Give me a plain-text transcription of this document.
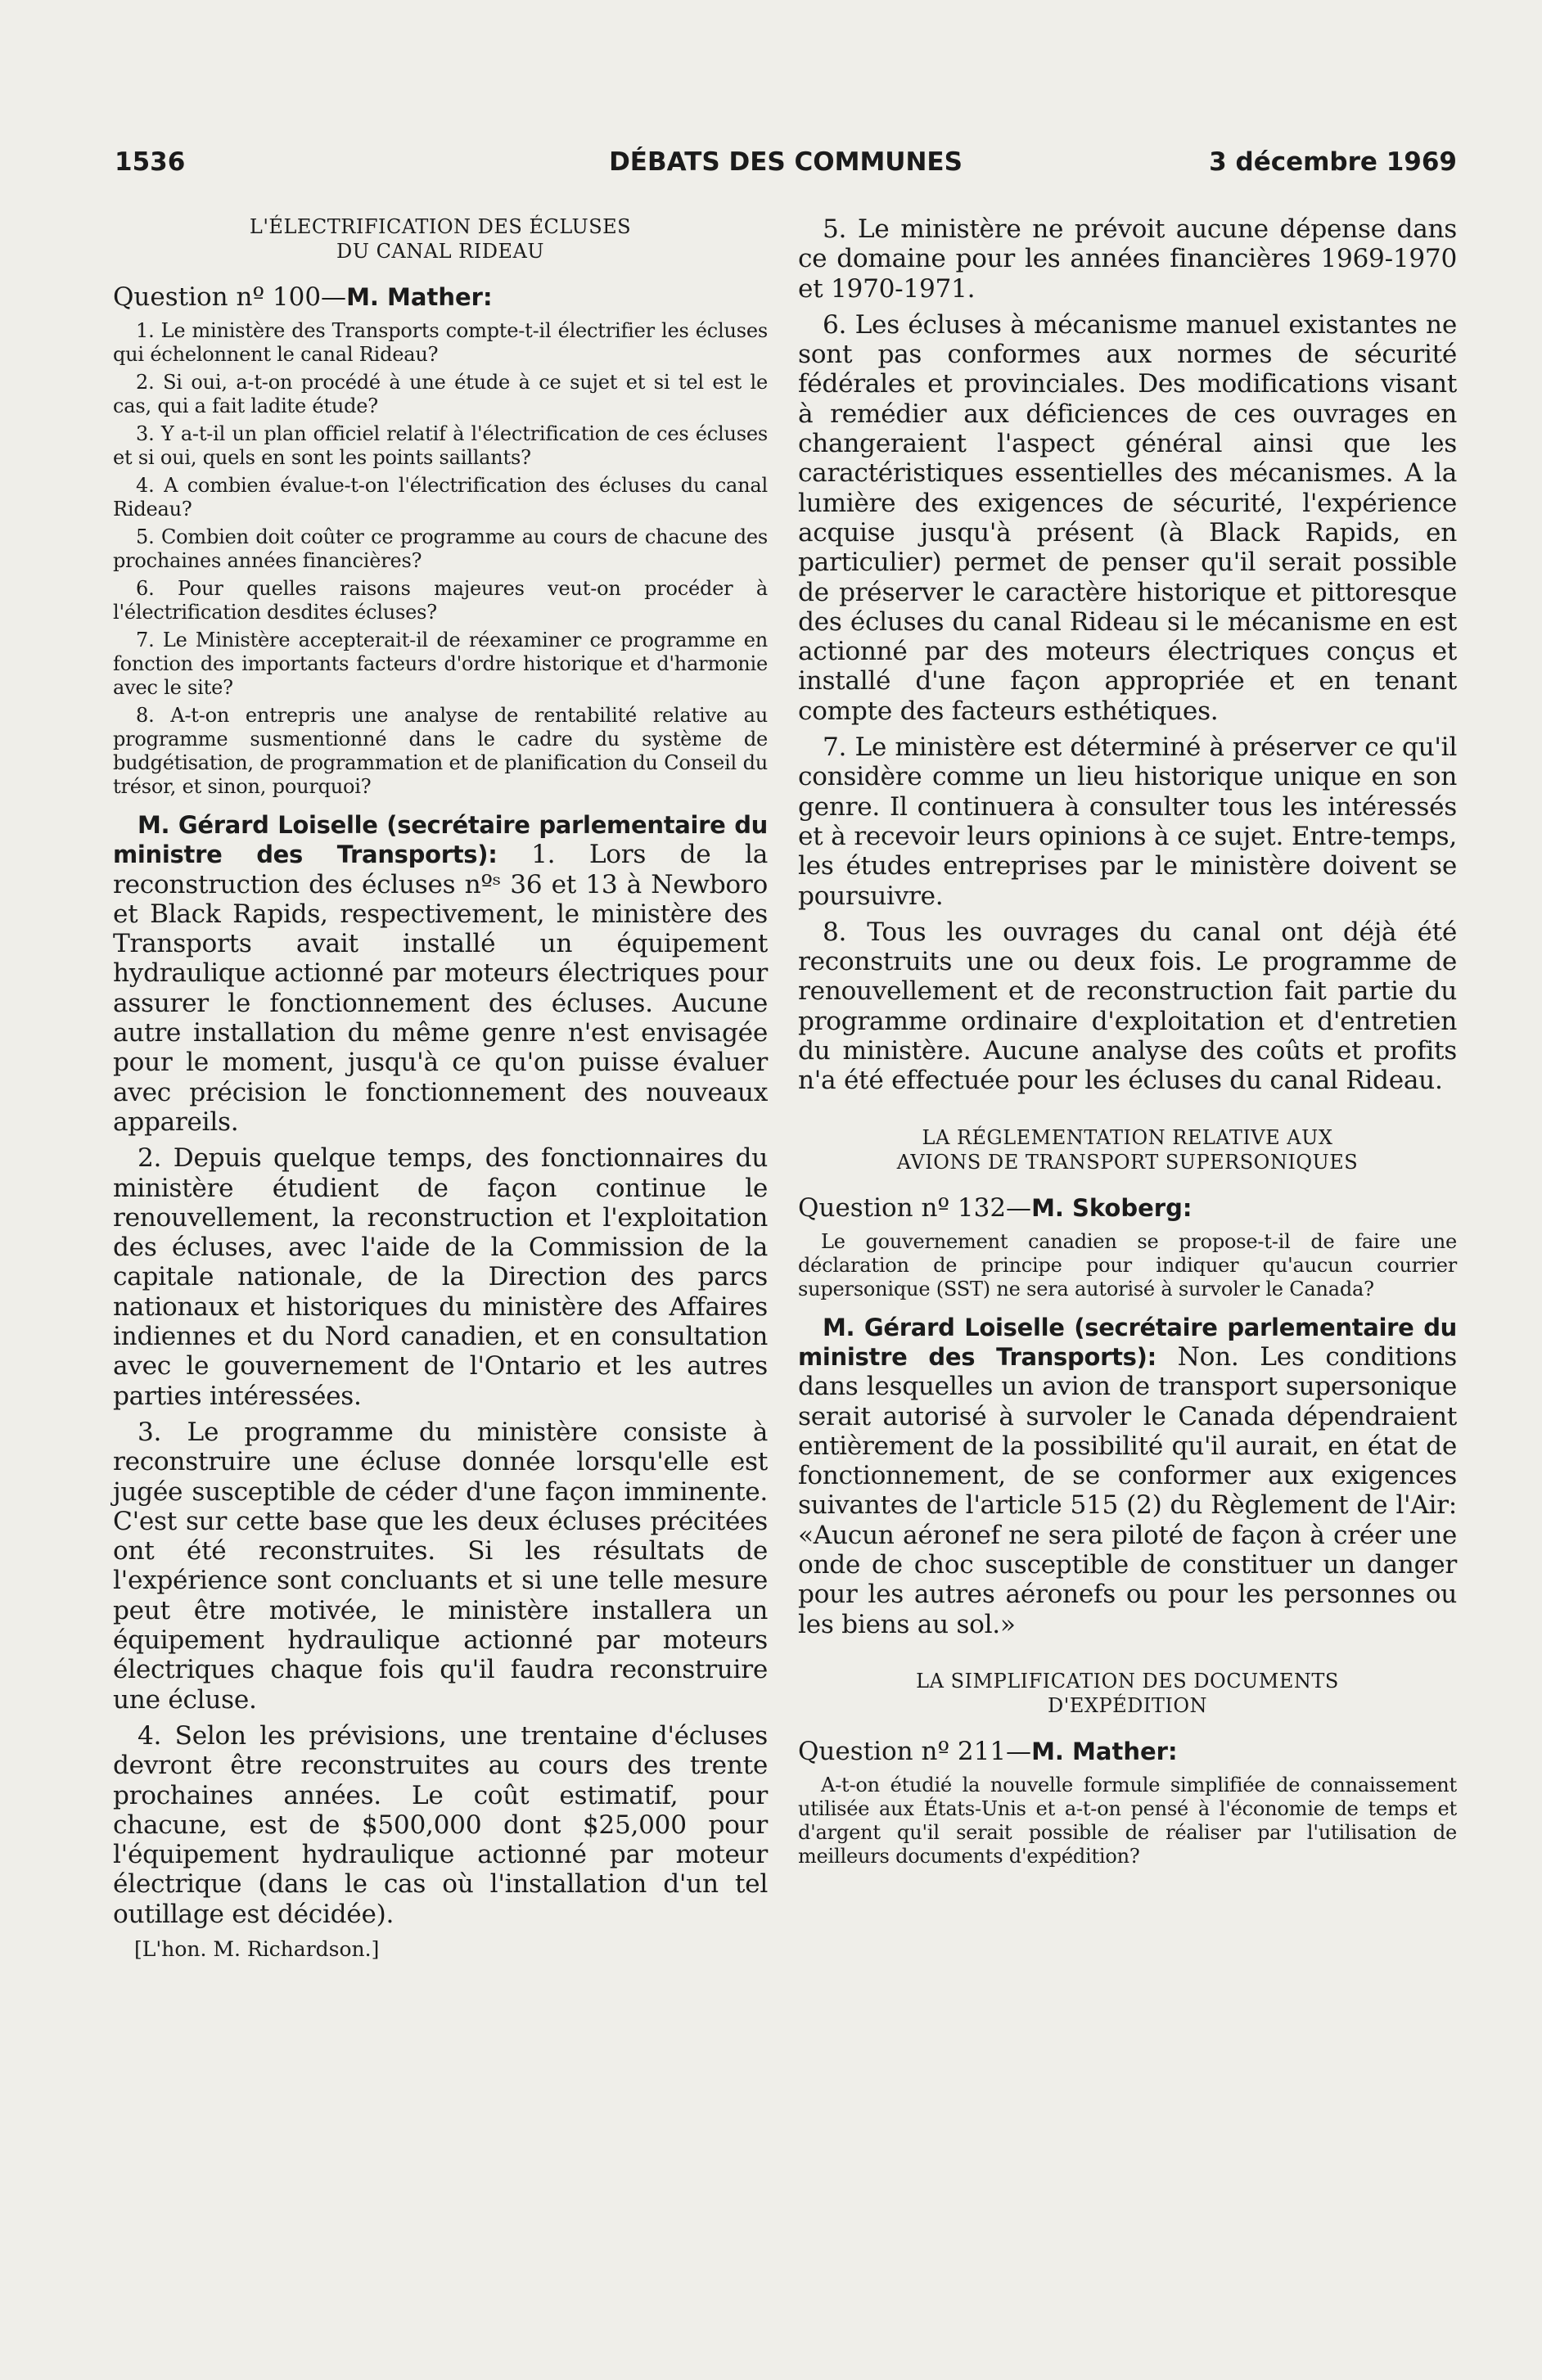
1536	DÉBATS DES COMMUNES	3 décembre 1969
L'ÉLECTRIFICATION DES ÉCLUSES
DU CANAL RIDEAU
Question nº 100—M. Mather:

1. Le ministère des Transports compte-t-il électrifier les écluses qui échelonnent le canal Rideau?

2. Si oui, a-t-on procédé à une étude à ce sujet et si tel est le cas, qui a fait ladite étude?

3. Y a-t-il un plan officiel relatif à l'électrification de ces écluses et si oui, quels en sont les points saillants?

4. A combien évalue-t-on l'électrification des écluses du canal Rideau?

5. Combien doit coûter ce programme au cours de chacune des prochaines années financières?

6. Pour quelles raisons majeures veut-on procéder à l'électrification desdites écluses?

7. Le Ministère accepterait-il de réexaminer ce programme en fonction des importants facteurs d'ordre historique et d'harmonie avec le site?

8. A-t-on entrepris une analyse de rentabilité relative au programme susmentionné dans le cadre du système de budgétisation, de programmation et de planification du Conseil du trésor, et sinon, pourquoi?

M. Gérard Loiselle (secrétaire parlementaire du ministre des Transports): 1. Lors de la reconstruction des écluses nºˢ 36 et 13 à Newboro et Black Rapids, respectivement, le ministère des Transports avait installé un équipement hydraulique actionné par moteurs électriques pour assurer le fonctionnement des écluses. Aucune autre installation du même genre n'est envisagée pour le moment, jusqu'à ce qu'on puisse évaluer avec précision le fonctionnement des nouveaux appareils.

2. Depuis quelque temps, des fonctionnaires du ministère étudient de façon continue le renouvellement, la reconstruction et l'exploitation des écluses, avec l'aide de la Commission de la capitale nationale, de la Direction des parcs nationaux et historiques du ministère des Affaires indiennes et du Nord canadien, et en consultation avec le gouvernement de l'Ontario et les autres parties intéressées.

3. Le programme du ministère consiste à reconstruire une écluse donnée lorsqu'elle est jugée susceptible de céder d'une façon imminente. C'est sur cette base que les deux écluses précitées ont été reconstruites. Si les résultats de l'expérience sont concluants et si une telle mesure peut être motivée, le ministère installera un équipement hydraulique actionné par moteurs électriques chaque fois qu'il faudra reconstruire une écluse.

4. Selon les prévisions, une trentaine d'écluses devront être reconstruites au cours des trente prochaines années. Le coût estimatif, pour chacune, est de $500,000 dont $25,000 pour l'équipement hydraulique actionné par moteur électrique (dans le cas où l'installation d'un tel outillage est décidée).

[L'hon. M. Richardson.]

5. Le ministère ne prévoit aucune dépense dans ce domaine pour les années financières 1969-1970 et 1970-1971.

6. Les écluses à mécanisme manuel existantes ne sont pas conformes aux normes de sécurité fédérales et provinciales. Des modifications visant à remédier aux déficiences de ces ouvrages en changeraient l'aspect général ainsi que les caractéristiques essentielles des mécanismes. A la lumière des exigences de sécurité, l'expérience acquise jusqu'à présent (à Black Rapids, en particulier) permet de penser qu'il serait possible de préserver le caractère historique et pittoresque des écluses du canal Rideau si le mécanisme en est actionné par des moteurs électriques conçus et installé d'une façon appropriée et en tenant compte des facteurs esthétiques.

7. Le ministère est déterminé à préserver ce qu'il considère comme un lieu historique unique en son genre. Il continuera à consulter tous les intéressés et à recevoir leurs opinions à ce sujet. Entre-temps, les études entreprises par le ministère doivent se poursuivre.

8. Tous les ouvrages du canal ont déjà été reconstruits une ou deux fois. Le programme de renouvellement et de reconstruction fait partie du programme ordinaire d'exploitation et d'entretien du ministère. Aucune analyse des coûts et profits n'a été effectuée pour les écluses du canal Rideau.

LA RÉGLEMENTATION RELATIVE AUX
AVIONS DE TRANSPORT SUPERSONIQUES
Question nº 132—M. Skoberg:

Le gouvernement canadien se propose-t-il de faire une déclaration de principe pour indiquer qu'aucun courrier supersonique (SST) ne sera autorisé à survoler le Canada?

M. Gérard Loiselle (secrétaire parlementaire du ministre des Transports): Non. Les conditions dans lesquelles un avion de transport supersonique serait autorisé à survoler le Canada dépendraient entièrement de la possibilité qu'il aurait, en état de fonctionnement, de se conformer aux exigences suivantes de l'article 515 (2) du Règlement de l'Air: «Aucun aéronef ne sera piloté de façon à créer une onde de choc susceptible de constituer un danger pour les autres aéronefs ou pour les personnes ou les biens au sol.»

LA SIMPLIFICATION DES DOCUMENTS
D'EXPÉDITION
Question nº 211—M. Mather:

A-t-on étudié la nouvelle formule simplifiée de connaissement utilisée aux États-Unis et a-t-on pensé à l'économie de temps et d'argent qu'il serait possible de réaliser par l'utilisation de meilleurs documents d'expédition?
